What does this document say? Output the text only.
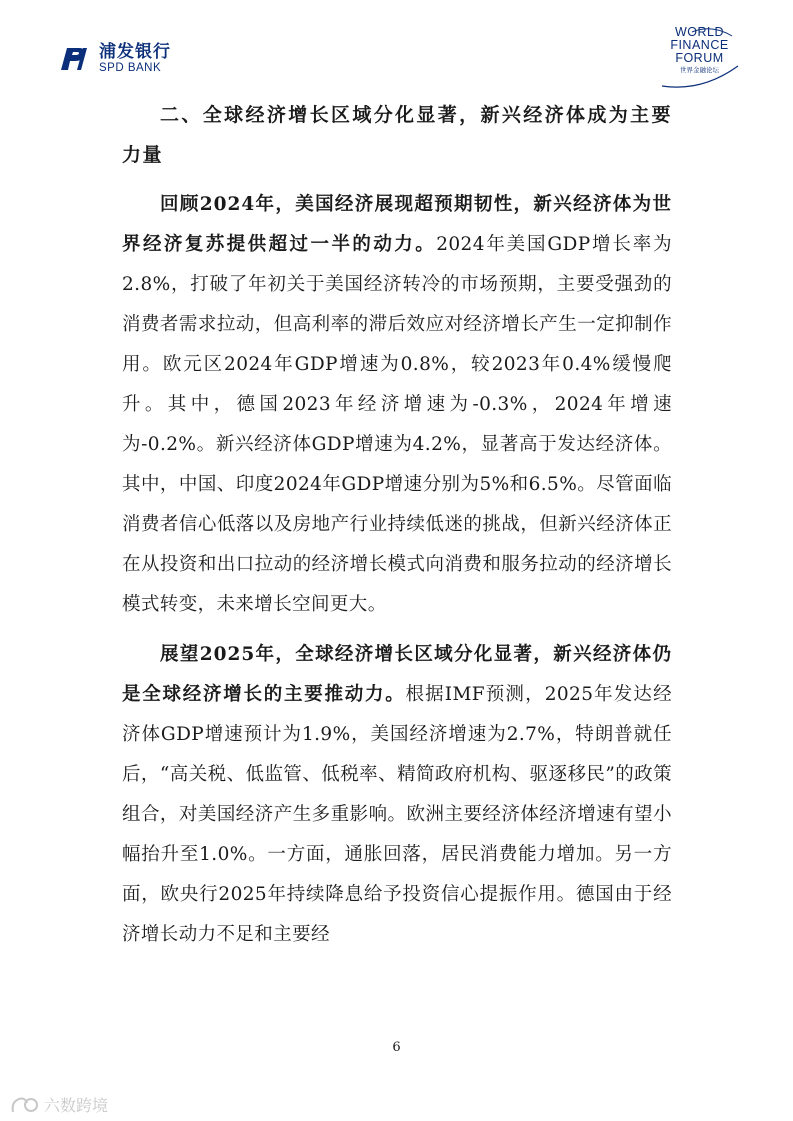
浦发银行
SPD BANK
WORLD
FINANCE
FORUM
世界金融论坛
二、全球经济增长区域分化显著，新兴经济体成为主要力量

回顾2024年，美国经济展现超预期韧性，新兴经济体为世界经济复苏提供超过一半的动力。2024年美国GDP增长率为2.8%，打破了年初关于美国经济转冷的市场预期，主要受强劲的消费者需求拉动，但高利率的滞后效应对经济增长产生一定抑制作用。欧元区2024年GDP增速为0.8%，较2023年0.4%缓慢爬升。其中，德国2023年经济增速为-0.3%，2024年增速为-0.2%。新兴经济体GDP增速为4.2%，显著高于发达经济体。其中，中国、印度2024年GDP增速分别为5%和6.5%。尽管面临消费者信心低落以及房地产行业持续低迷的挑战，但新兴经济体正在从投资和出口拉动的经济增长模式向消费和服务拉动的经济增长模式转变，未来增长空间更大。

展望2025年，全球经济增长区域分化显著，新兴经济体仍是全球经济增长的主要推动力。根据IMF预测，2025年发达经济体GDP增速预计为1.9%，美国经济增速为2.7%，特朗普就任后，“高关税、低监管、低税率、精简政府机构、驱逐移民”的政策组合，对美国经济产生多重影响。欧洲主要经济体经济增速有望小幅抬升至1.0%。一方面，通胀回落，居民消费能力增加。另一方面，欧央行2025年持续降息给予投资信心提振作用。德国由于经济增长动力不足和主要经

6
六数跨境
